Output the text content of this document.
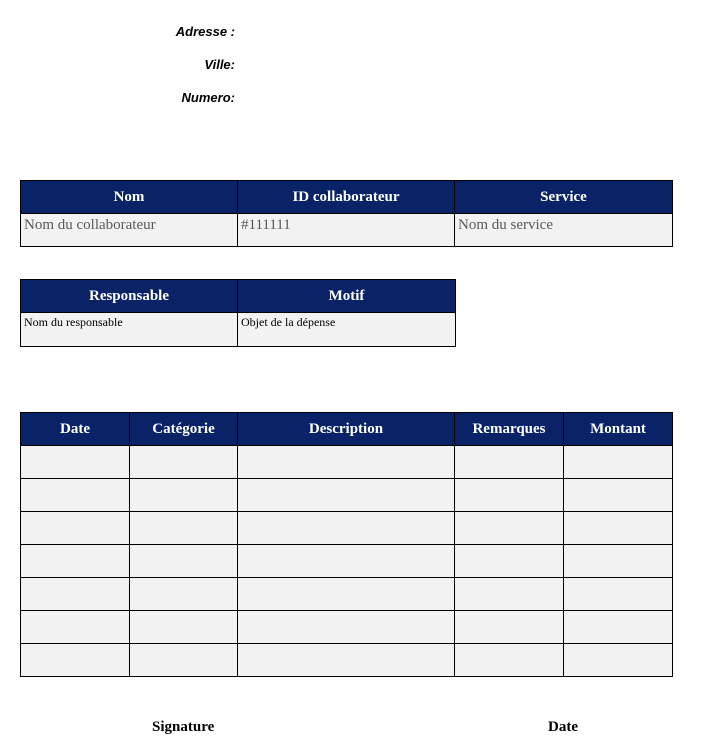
Adresse :
Ville:
Numero:
Nom	ID collaborateur	Service
Nom du collaborateur	#111111	Nom du service
Responsable	Motif
Nom du responsable	Objet de la dépense
Date	Catégorie	Description	Remarques	Montant

Signature	Date
